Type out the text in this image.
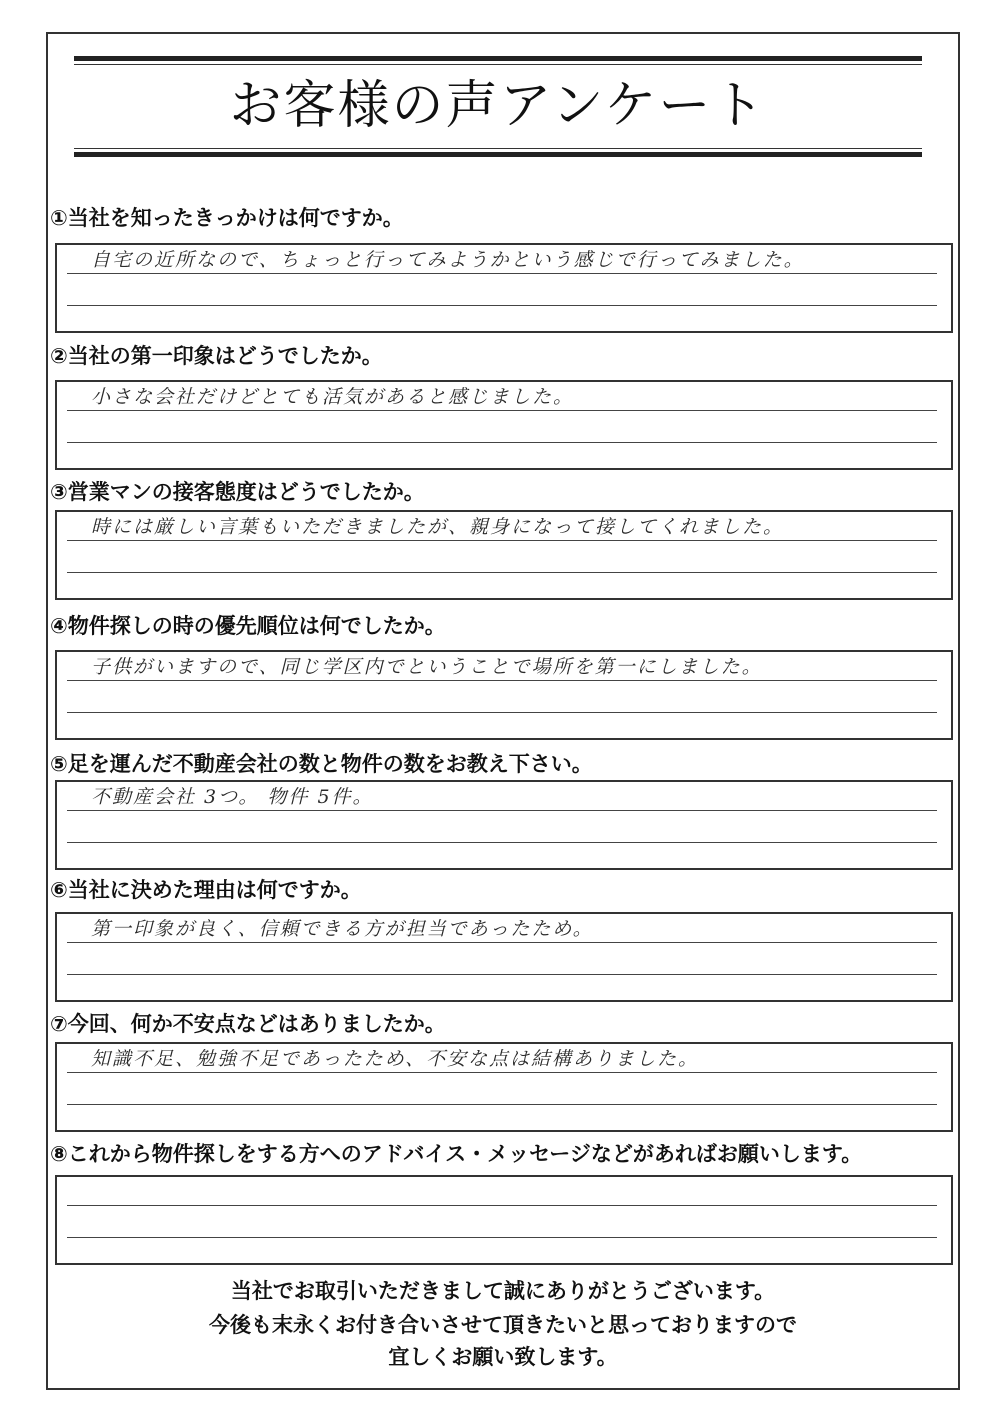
お客様の声アンケート
①当社を知ったきっかけは何ですか。
自宅の近所なので、ちょっと行ってみようかという感じで行ってみました。
②当社の第一印象はどうでしたか。
小さな会社だけどとても活気があると感じました。
③営業マンの接客態度はどうでしたか。
時には厳しい言葉もいただきましたが、親身になって接してくれました。
④物件探しの時の優先順位は何でしたか。
子供がいますので、同じ学区内でということで場所を第一にしました。
⑤足を運んだ不動産会社の数と物件の数をお教え下さい。
不動産会社 3つ。 物件 5件。
⑥当社に決めた理由は何ですか。
第一印象が良く、信頼できる方が担当であったため。
⑦今回、何か不安点などはありましたか。
知識不足、勉強不足であったため、不安な点は結構ありました。
⑧これから物件探しをする方へのアドバイス・メッセージなどがあればお願いします。
当社でお取引いただきまして誠にありがとうございます。
今後も末永くお付き合いさせて頂きたいと思っておりますので
宜しくお願い致します。
